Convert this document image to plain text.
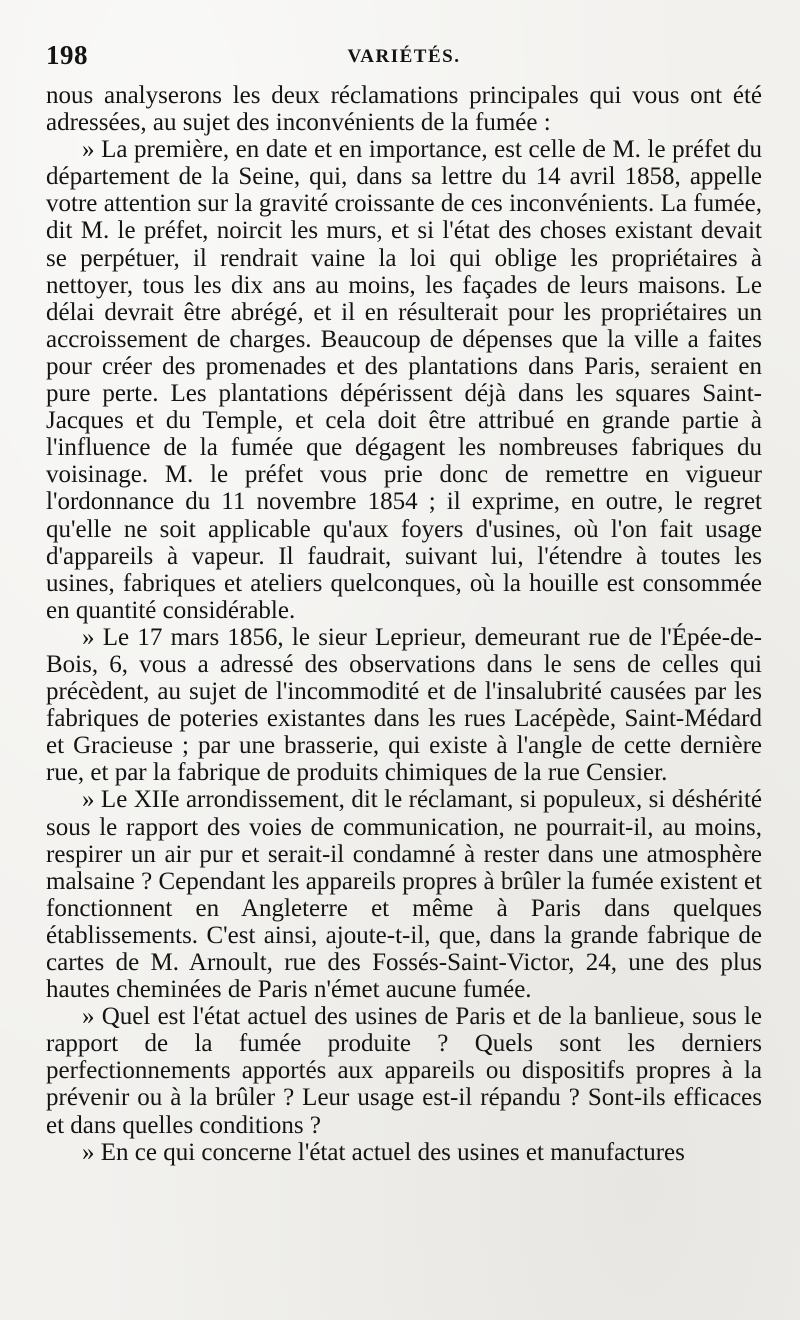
198	VARIÉTÉS.

nous analyserons les deux réclamations principales qui vous ont été adressées, au sujet des inconvénients de la fumée :

» La première, en date et en importance, est celle de M. le préfet du département de la Seine, qui, dans sa lettre du 14 avril 1858, appelle votre attention sur la gravité croissante de ces inconvénients. La fumée, dit M. le préfet, noircit les murs, et si l'état des choses existant devait se perpétuer, il rendrait vaine la loi qui oblige les propriétaires à nettoyer, tous les dix ans au moins, les façades de leurs maisons. Le délai devrait être abrégé, et il en résulterait pour les propriétaires un accroissement de charges. Beaucoup de dépenses que la ville a faites pour créer des promenades et des plantations dans Paris, seraient en pure perte. Les plantations dépérissent déjà dans les squares Saint-Jacques et du Temple, et cela doit être attribué en grande partie à l'influence de la fumée que dégagent les nombreuses fabriques du voisinage. M. le préfet vous prie donc de remettre en vigueur l'ordonnance du 11 novembre 1854 ; il exprime, en outre, le regret qu'elle ne soit applicable qu'aux foyers d'usines, où l'on fait usage d'appareils à vapeur. Il faudrait, suivant lui, l'étendre à toutes les usines, fabriques et ateliers quelconques, où la houille est consommée en quantité considérable.

» Le 17 mars 1856, le sieur Leprieur, demeurant rue de l'Épée-de-Bois, 6, vous a adressé des observations dans le sens de celles qui précèdent, au sujet de l'incommodité et de l'insalubrité causées par les fabriques de poteries existantes dans les rues Lacépède, Saint-Médard et Gracieuse ; par une brasserie, qui existe à l'angle de cette dernière rue, et par la fabrique de produits chimiques de la rue Censier.

» Le XIIe arrondissement, dit le réclamant, si populeux, si déshérité sous le rapport des voies de communication, ne pourrait-il, au moins, respirer un air pur et serait-il condamné à rester dans une atmosphère malsaine ? Cependant les appareils propres à brûler la fumée existent et fonctionnent en Angleterre et même à Paris dans quelques établissements. C'est ainsi, ajoute-t-il, que, dans la grande fabrique de cartes de M. Arnoult, rue des Fossés-Saint-Victor, 24, une des plus hautes cheminées de Paris n'émet aucune fumée.

» Quel est l'état actuel des usines de Paris et de la banlieue, sous le rapport de la fumée produite ? Quels sont les derniers perfectionnements apportés aux appareils ou dispositifs propres à la prévenir ou à la brûler ? Leur usage est-il répandu ? Sont-ils efficaces et dans quelles conditions ?

» En ce qui concerne l'état actuel des usines et manufactures
